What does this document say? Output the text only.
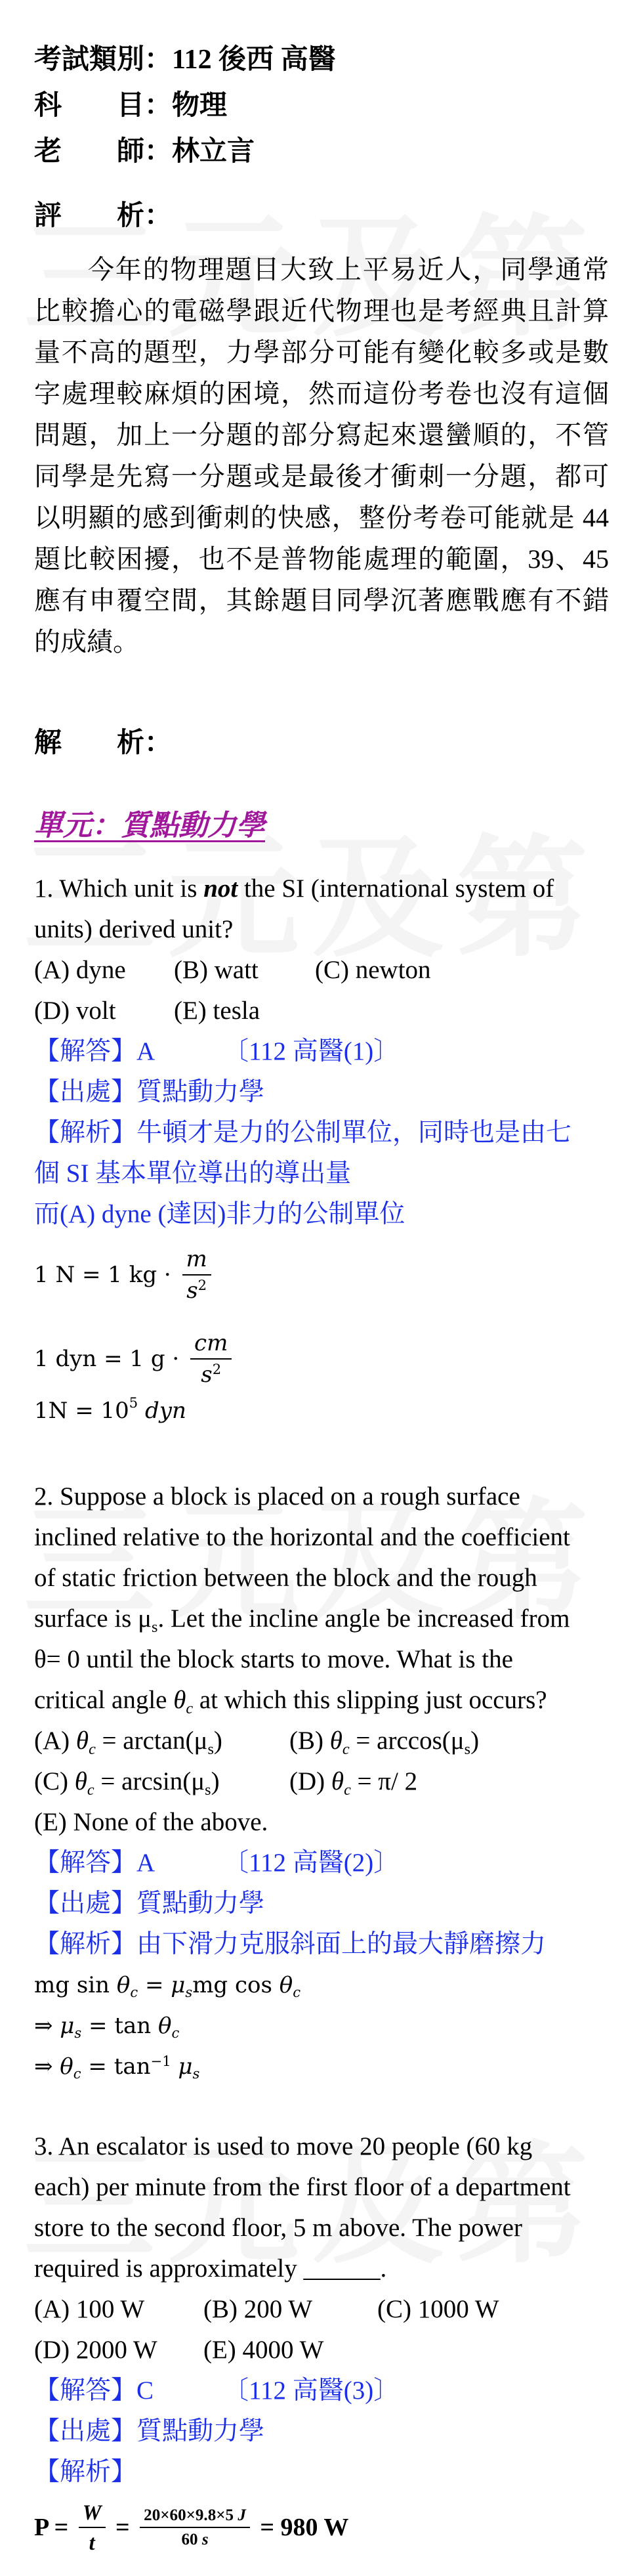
考試類別：112 後西 高醫
科　　目：物理
老　　師：林立言
評　　析：
今年的物理題目大致上平易近人，同學通常
比較擔心的電磁學跟近代物理也是考經典且計算
量不高的題型，力學部分可能有變化較多或是數
字處理較麻煩的困境，然而這份考卷也沒有這個
問題，加上一分題的部分寫起來還蠻順的，不管
同學是先寫一分題或是最後才衝刺一分題，都可
以明顯的感到衝刺的快感，整份考卷可能就是 44
題比較困擾，也不是普物能處理的範圍，39、45
應有申覆空間，其餘題目同學沉著應戰應有不錯
的成績。
解　　析：
單元：質點動力學
1. Which unit is not the SI (international system of
units) derived unit?
(A) dyne	(B) watt	(C) newton
(D) volt	(E) tesla
【解答】A	〔112 高醫(1)〕
【出處】質點動力學
【解析】牛頓才是力的公制單位，同時也是由七
個 SI 基本單位導出的導出量
而(A) dyne (達因)非力的公制單位
1 N = 1 kg · $\frac{m}{s^2}$
1 dyn = 1 $g \cdot \frac{cm}{s^2}$
$1N = 10^5$
dyn
2. Suppose a block is placed on a rough surface
inclined relative to the horizontal and the coefficient
of static friction between the block and the rough
surface is $\mu_s$. Let the incline angle be increased from
θ= 0 until the block starts to move. What is the
critical angle $\theta_c$ at which this slipping just occurs?
(A) $\theta_c = \arctan(\mu_s)$	(B) $\theta_c = \arccos(\mu_s)$
(C) $\theta_c = \arcsin(\mu_s)$	(D) $\theta_c = \pi/$ 2
(E) None of the above.
【解答】A	〔112 高醫(2)〕
【出處】質點動力學
【解析】由下滑力克服斜面上的最大靜磨擦力
mg $\sin \theta_c = \mu_smg$ $\cos \theta_c$
⇒ $\mu_s = \tan \theta_c$
⇒ $\theta_c = \tan^{-1} \mu_s$
3. An escalator is used to move 20 people (60 kg
each) per minute from the first floor of a department
store to the second floor, 5 m above. The power
required is approximately ______.
(A) 100 W	(B) 200 W	(C) 1000 W
(D) 2000 W	(E) 4000 W
【解答】C	〔112 高醫(3)〕
【出處】質點動力學
【解析】
$P = \frac{W}{t} = \frac{20\times 60\times 9.8\times 5 J}{60 s} = 980$ W
